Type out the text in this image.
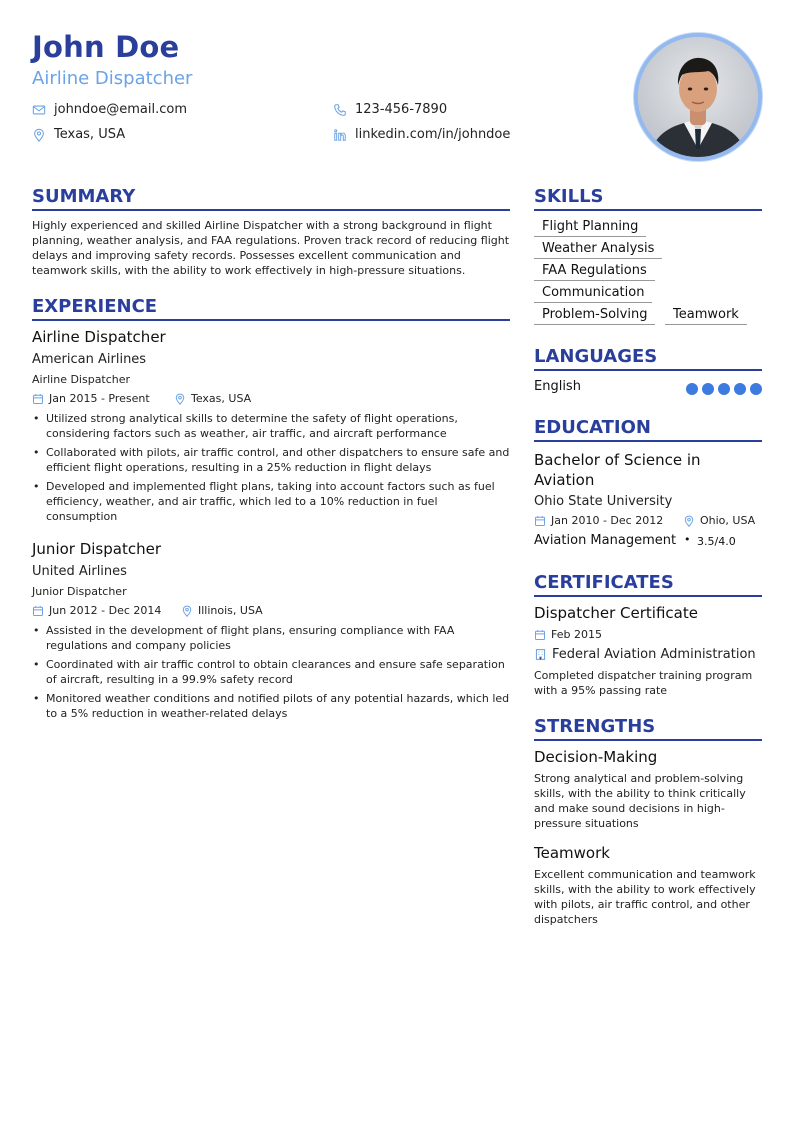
John Doe
Airline Dispatcher
johndoe@email.com	123-456-7890
Texas, USA	linkedin.com/in/johndoe
SUMMARY
Highly experienced and skilled Airline Dispatcher with a strong background in flight planning, weather analysis, and FAA regulations. Proven track record of reducing flight delays and improving safety records. Possesses excellent communication and teamwork skills, with the ability to work effectively in high-pressure situations.
EXPERIENCE
Airline Dispatcher
American Airlines
Airline Dispatcher
Jan 2015 - Present	Texas, USA
• Utilized strong analytical skills to determine the safety of flight operations, considering factors such as weather, air traffic, and aircraft performance
• Collaborated with pilots, air traffic control, and other dispatchers to ensure safe and efficient flight operations, resulting in a 25% reduction in flight delays
• Developed and implemented flight plans, taking into account factors such as fuel efficiency, weather, and air traffic, which led to a 10% reduction in fuel consumption
Junior Dispatcher
United Airlines
Junior Dispatcher
Jun 2012 - Dec 2014	Illinois, USA
• Assisted in the development of flight plans, ensuring compliance with FAA regulations and company policies
• Coordinated with air traffic control to obtain clearances and ensure safe separation of aircraft, resulting in a 99.9% safety record
• Monitored weather conditions and notified pilots of any potential hazards, which led to a 5% reduction in weather-related delays
SKILLS
Flight Planning
Weather Analysis
FAA Regulations
Communication
Problem-Solving	Teamwork
LANGUAGES
English
EDUCATION
Bachelor of Science in Aviation
Ohio State University
Jan 2010 - Dec 2012	Ohio, USA
Aviation Management • 3.5/4.0
CERTIFICATES
Dispatcher Certificate
Feb 2015
Federal Aviation Administration
Completed dispatcher training program with a 95% passing rate
STRENGTHS
Decision-Making
Strong analytical and problem-solving skills, with the ability to think critically and make sound decisions in high-pressure situations
Teamwork
Excellent communication and teamwork skills, with the ability to work effectively with pilots, air traffic control, and other dispatchers
